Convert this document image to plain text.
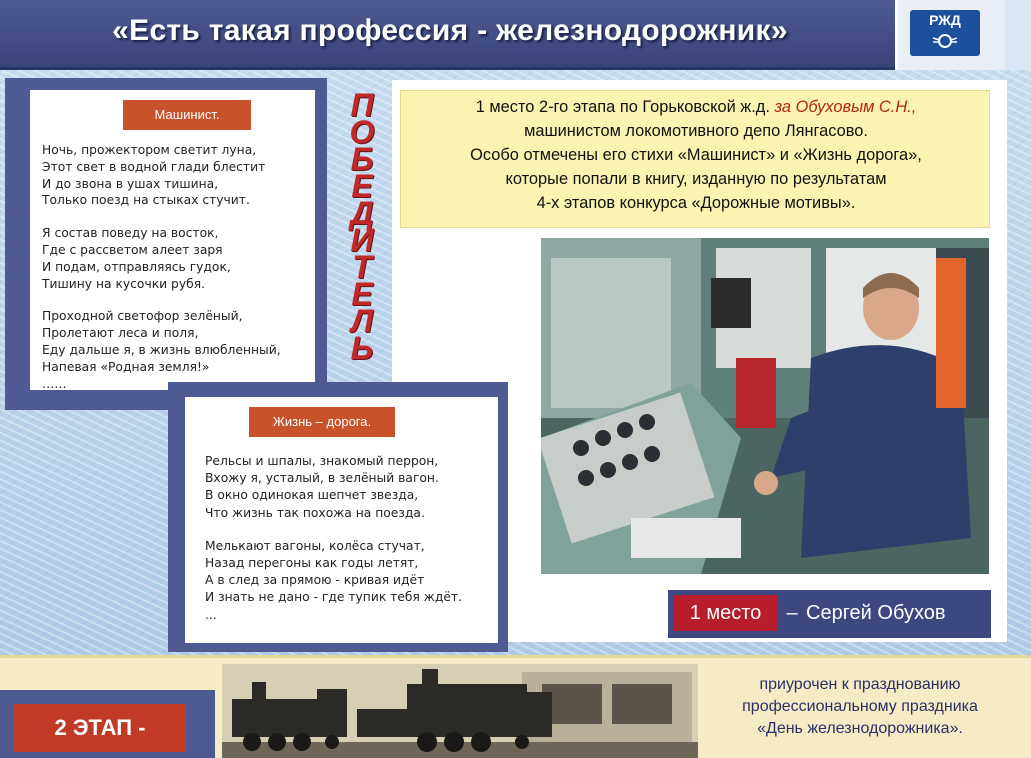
«Есть такая профессия - железнодорожник»	РЖД
Машинист.
Ночь, прожектором светит луна,
Этот свет в водной глади блестит
И до звона в ушах тишина,
Только поезд на стыках стучит.
Я состав поведу на восток,
Где с рассветом алеет заря
И подам, отправляясь гудок,
Тишину на кусочки рубя.
Проходной светофор зелёный,
Пролетают леса и поля,
Еду дальше я, в жизнь влюбленный,
Напевая «Родная земля!»
……
П
О
Б
Е
Д
И
Т
Е
Л
Ь
1 место 2-го этапа по Горьковской ж.д. за Обуховым С.Н.,
машинистом локомотивного депо Лянгасово.
Особо отмечены его стихи «Машинист» и «Жизнь дорога»,
которые попали в книгу, изданную по результатам
4-х этапов конкурса «Дорожные мотивы».
1 место	– Сергей Обухов
Жизнь – дорога.
Рельсы и шпалы, знакомый перрон,
Вхожу я, усталый, в зелёный вагон.
В окно одинокая шепчет звезда,
Что жизнь так похожа на поезда.
Мелькают вагоны, колёса стучат,
Назад перегоны как годы летят,
А в след за прямою - кривая идёт
И знать не дано - где тупик тебя ждёт.
...
2 ЭТАП -
приурочен к празднованию
профессиональному праздника
«День железнодорожника».
